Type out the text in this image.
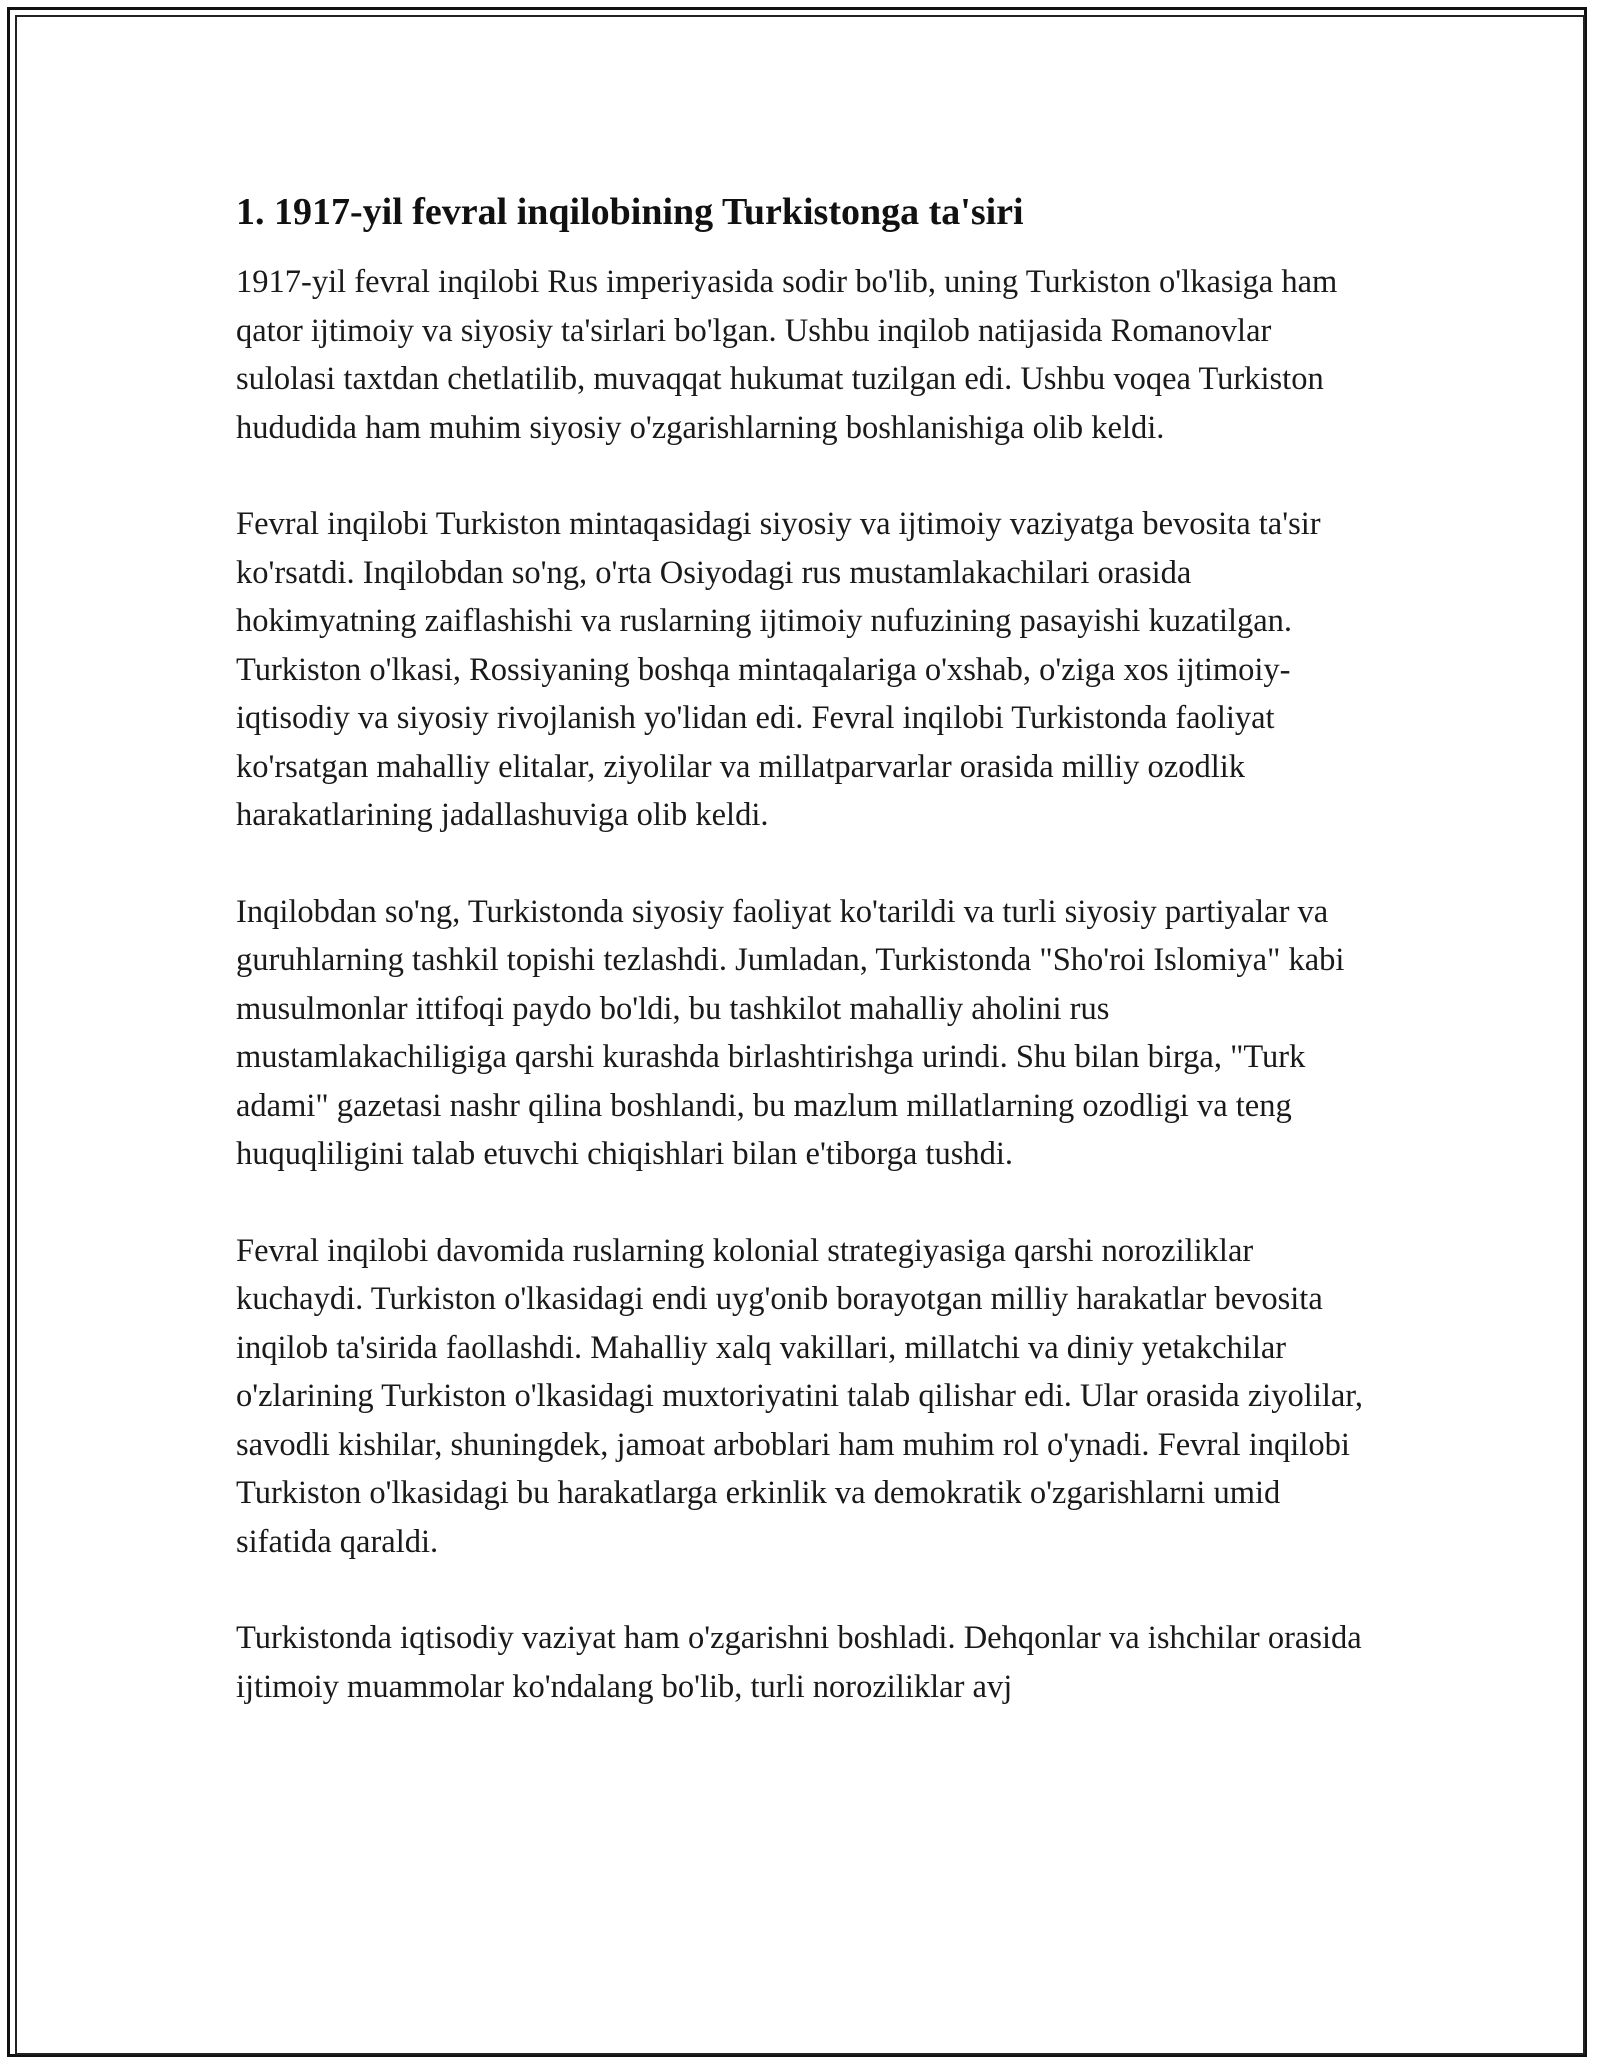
1. 1917-yil fevral inqilobining Turkistonga ta'siri

1917-yil fevral inqilobi Rus imperiyasida sodir bo'lib, uning Turkiston o'lkasiga ham qator ijtimoiy va siyosiy ta'sirlari bo'lgan. Ushbu inqilob natijasida Romanovlar sulolasi taxtdan chetlatilib, muvaqqat hukumat tuzilgan edi. Ushbu voqea Turkiston hududida ham muhim siyosiy o'zgarishlarning boshlanishiga olib keldi.

Fevral inqilobi Turkiston mintaqasidagi siyosiy va ijtimoiy vaziyatga bevosita ta'sir ko'rsatdi. Inqilobdan so'ng, o'rta Osiyodagi rus mustamlakachilari orasida hokimyatning zaiflashishi va ruslarning ijtimoiy nufuzining pasayishi kuzatilgan. Turkiston o'lkasi, Rossiyaning boshqa mintaqalariga o'xshab, o'ziga xos ijtimoiy-iqtisodiy va siyosiy rivojlanish yo'lidan edi. Fevral inqilobi Turkistonda faoliyat ko'rsatgan mahalliy elitalar, ziyolilar va millatparvarlar orasida milliy ozodlik harakatlarining jadallashuviga olib keldi.

Inqilobdan so'ng, Turkistonda siyosiy faoliyat ko'tarildi va turli siyosiy partiyalar va guruhlarning tashkil topishi tezlashdi. Jumladan, Turkistonda "Sho'roi Islomiya" kabi musulmonlar ittifoqi paydo bo'ldi, bu tashkilot mahalliy aholini rus mustamlakachiligiga qarshi kurashda birlashtirishga urindi. Shu bilan birga, "Turk adami" gazetasi nashr qilina boshlandi, bu mazlum millatlarning ozodligi va teng huquqliligini talab etuvchi chiqishlari bilan e'tiborga tushdi.

Fevral inqilobi davomida ruslarning kolonial strategiyasiga qarshi noroziliklar kuchaydi. Turkiston o'lkasidagi endi uyg'onib borayotgan milliy harakatlar bevosita inqilob ta'sirida faollashdi. Mahalliy xalq vakillari, millatchi va diniy yetakchilar o'zlarining Turkiston o'lkasidagi muxtoriyatini talab qilishar edi. Ular orasida ziyolilar, savodli kishilar, shuningdek, jamoat arboblari ham muhim rol o'ynadi. Fevral inqilobi Turkiston o'lkasidagi bu harakatlarga erkinlik va demokratik o'zgarishlarni umid sifatida qaraldi.

Turkistonda iqtisodiy vaziyat ham o'zgarishni boshladi. Dehqonlar va ishchilar orasida ijtimoiy muammolar ko'ndalang bo'lib, turli noroziliklar avj
